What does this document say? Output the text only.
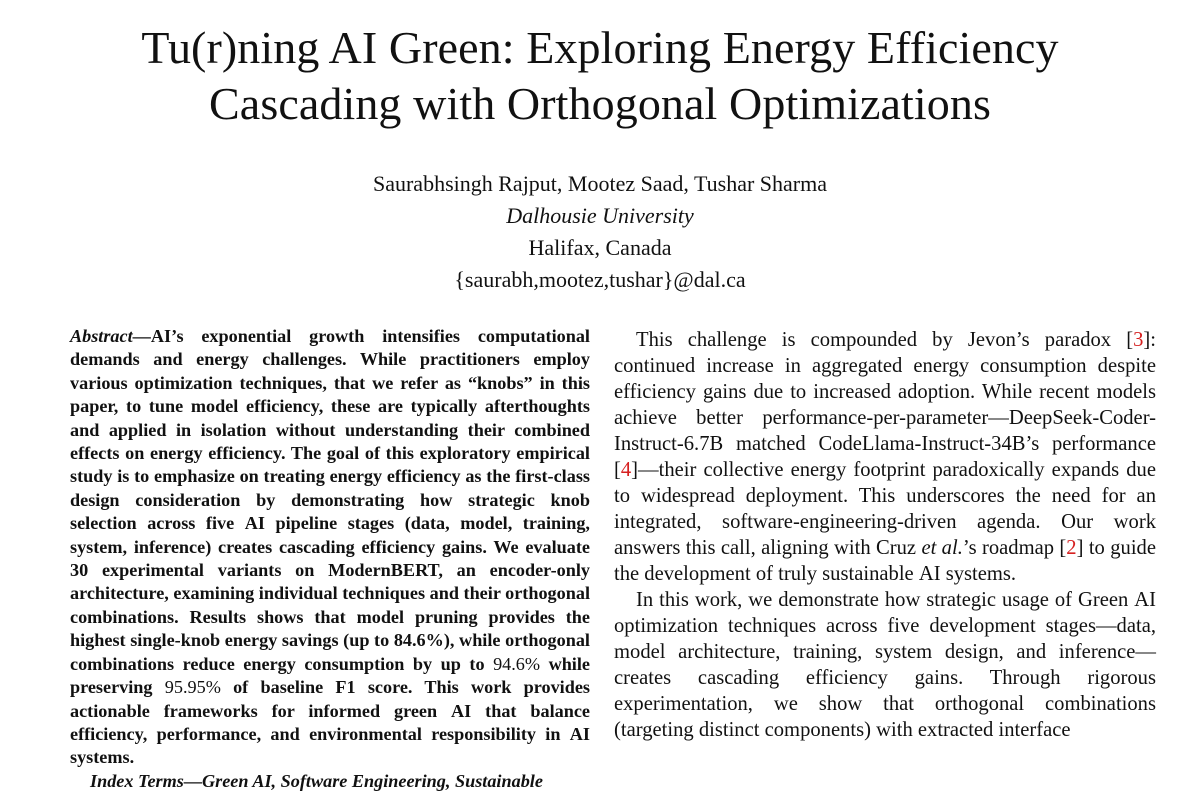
Tu(r)ning AI Green: Exploring Energy Efficiency
Cascading with Orthogonal Optimizations
Saurabhsingh Rajput, Mootez Saad, Tushar Sharma
Dalhousie University
Halifax, Canada
{saurabh,mootez,tushar}@dal.ca

Abstract—AI’s exponential growth intensifies computational demands and energy challenges. While practitioners employ various optimization techniques, that we refer as “knobs” in this paper, to tune model efficiency, these are typically afterthoughts and applied in isolation without understanding their combined effects on energy efficiency. The goal of this exploratory empirical study is to emphasize on treating energy efficiency as the first-class design consideration by demonstrating how strategic knob selection across five AI pipeline stages (data, model, training, system, inference) creates cascading efficiency gains. We evaluate 30 experimental variants on ModernBERT, an encoder-only architecture, examining individual techniques and their orthogonal combinations. Results shows that model pruning provides the highest single-knob energy savings (up to 84.6%), while orthogonal combinations reduce energy consumption by up to 94.6% while preserving 95.95% of baseline F1 score. This work provides actionable frameworks for informed green AI that balance efficiency, performance, and environmental responsibility in AI systems.

Index Terms—Green AI, Software Engineering, Sustainable

This challenge is compounded by Jevon’s paradox [3]: continued increase in aggregated energy consumption despite efficiency gains due to increased adoption. While recent models achieve better performance-per-parameter—DeepSeek-Coder-Instruct-6.7B matched CodeLlama-Instruct-34B’s performance [4]—their collective energy footprint paradoxically expands due to widespread deployment. This underscores the need for an integrated, software-engineering-driven agenda. Our work answers this call, aligning with Cruz et al.’s roadmap [2] to guide the development of truly sustainable AI systems.

In this work, we demonstrate how strategic usage of Green AI optimization techniques across five development stages—data, model architecture, training, system design, and inference—creates cascading efficiency gains. Through rigorous experimentation, we show that orthogonal combinations (targeting distinct components) with extracted interface
